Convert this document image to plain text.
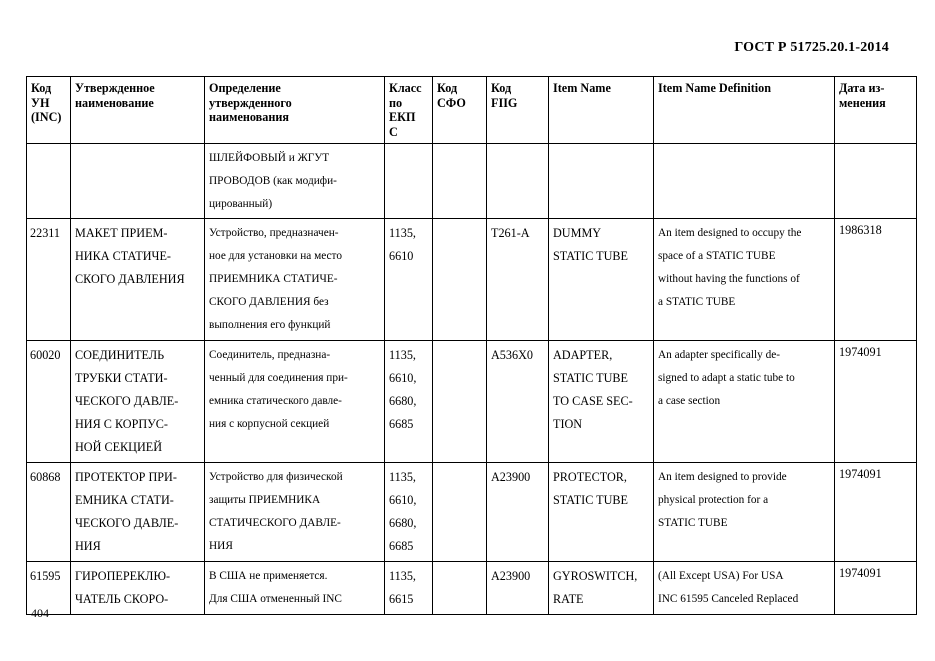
ГОСТ Р 51725.20.1-2014
Код
УН
(INC)	Утвержденное
наименование	Определение
утвержденного
наименования	Класс
по
ЕКП
С	Код
СФО	Код
FIIG	Item Name	Item Name Definition	Дата из-
менения

		ШЛЕЙФОВЫЙ и ЖГУТ
ПРОВОДОВ (как модифи-
цированный)						

22311	МАКЕТ ПРИЕМ-
НИКА СТАТИЧЕ-
СКОГО ДАВЛЕНИЯ	Устройство, предназначен-
ное для установки на место
ПРИЕМНИКА СТАТИЧЕ-
СКОГО ДАВЛЕНИЯ без
выполнения его функций	1135,
6610		T261-A	DUMMY
STATIC TUBE	An item designed to occupy the
space of a STATIC TUBE
without having the functions of
a STATIC TUBE	1986318
60020	СОЕДИНИТЕЛЬ
ТРУБКИ СТАТИ-
ЧЕСКОГО ДАВЛЕ-
НИЯ С КОРПУС-
НОЙ СЕКЦИЕЙ	Соединитель, предназна-
ченный для соединения при-
емника статического давле-
ния с корпусной секцией	1135,
6610,
6680,
6685		A536X0	ADAPTER,
STATIC TUBE
TO CASE SEC-
TION	An adapter specifically de-
signed to adapt a static tube to
a case section	1974091
60868	ПРОТЕКТОР ПРИ-
ЕМНИКА СТАТИ-
ЧЕСКОГО ДАВЛЕ-
НИЯ	Устройство для физической
защиты ПРИЕМНИКА
СТАТИЧЕСКОГО ДАВЛЕ-
НИЯ	1135,
6610,
6680,
6685		A23900	PROTECTOR,
STATIC TUBE	An item designed to provide
physical protection for a
STATIC TUBE	1974091
61595	ГИРОПЕРЕКЛЮ-
ЧАТЕЛЬ СКОРО-	В США не применяется.
Для США отмененный INC	1135,
6615		A23900	GYROSWITCH,
RATE	(All Except USA) For USA
INC 61595 Canceled Replaced	1974091
404
